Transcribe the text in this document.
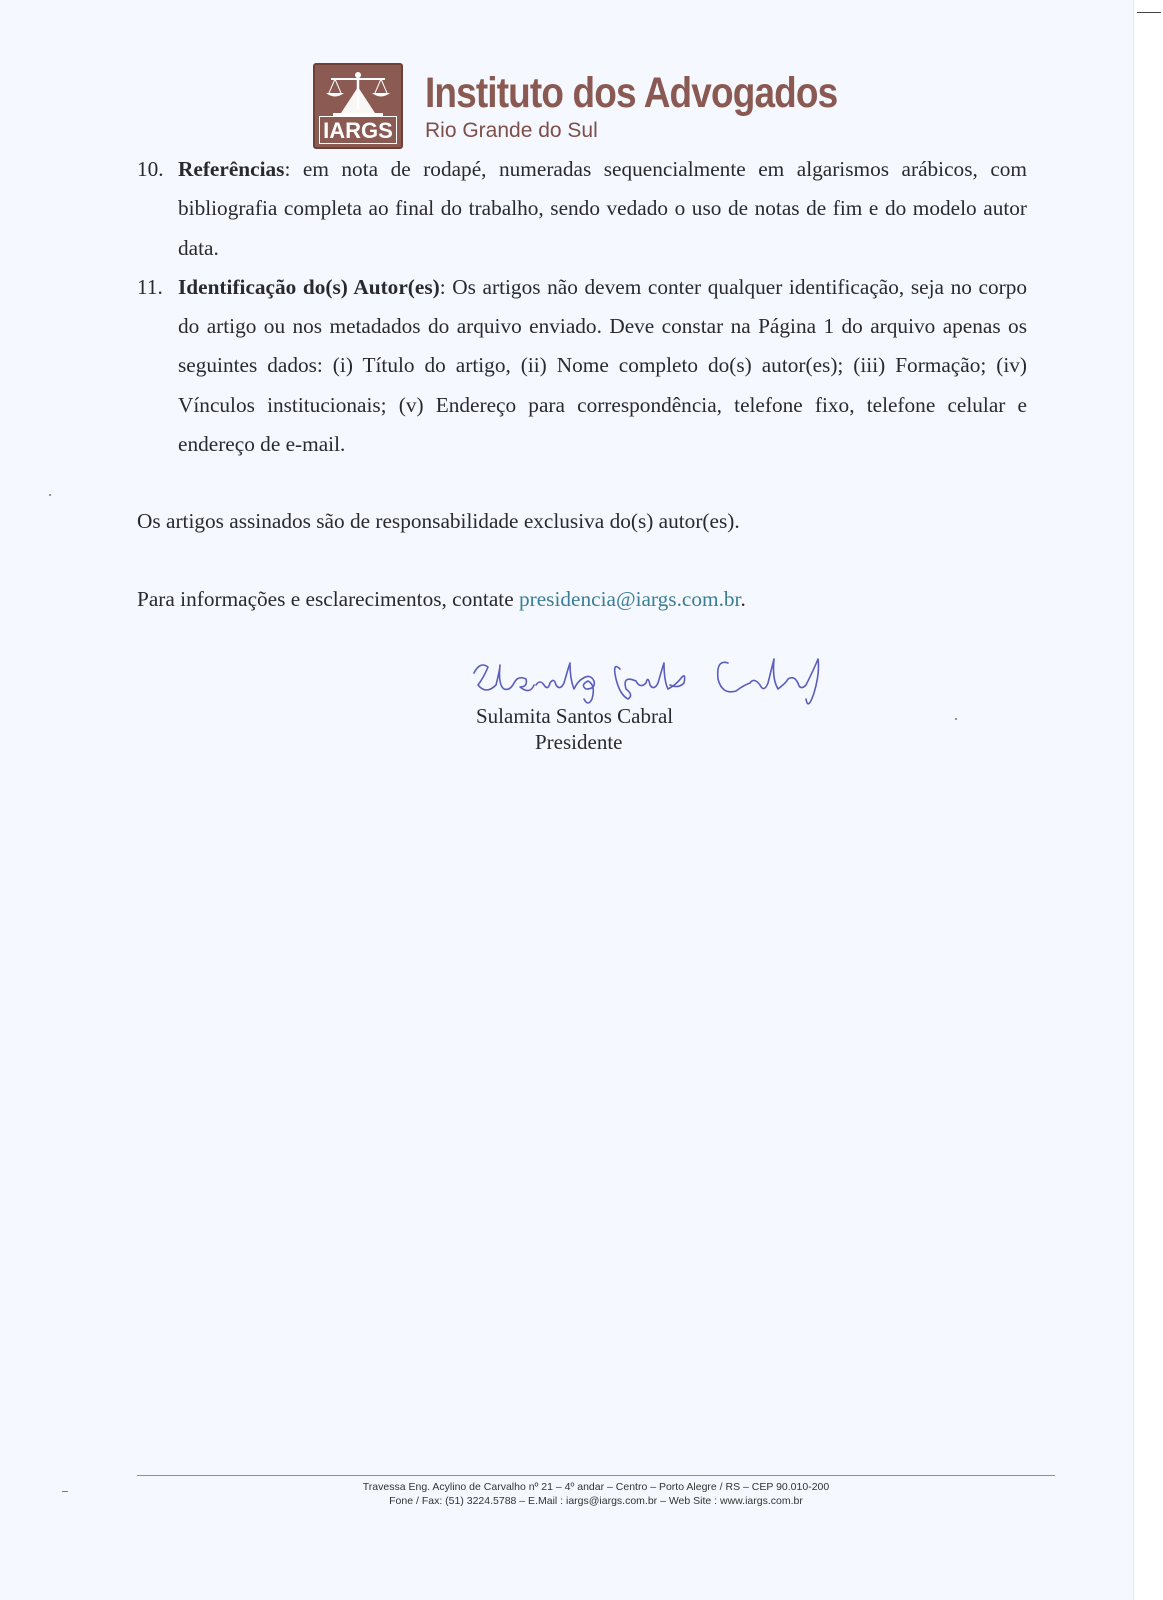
IARGS
Instituto dos Advogados
Rio Grande do Sul
10. Referências: em nota de rodapé, numeradas sequencialmente em algarismos arábicos, com bibliografia completa ao final do trabalho, sendo vedado o uso de notas de fim e do modelo autor data.
11. Identificação do(s) Autor(es): Os artigos não devem conter qualquer identificação, seja no corpo do artigo ou nos metadados do arquivo enviado. Deve constar na Página 1 do arquivo apenas os seguintes dados: (i) Título do artigo, (ii) Nome completo do(s) autor(es); (iii) Formação; (iv) Vínculos institucionais; (v) Endereço para correspondência, telefone fixo, telefone celular e endereço de e-mail.
Os artigos assinados são de responsabilidade exclusiva do(s) autor(es).
Para informações e esclarecimentos, contate presidencia@iargs.com.br.
Sulamita Santos Cabral
Presidente
Travessa Eng. Acylino de Carvalho nº 21 – 4º andar – Centro – Porto Alegre / RS – CEP 90.010-200
Fone / Fax: (51) 3224.5788 – E.Mail : iargs@iargs.com.br – Web Site : www.iargs.com.br
